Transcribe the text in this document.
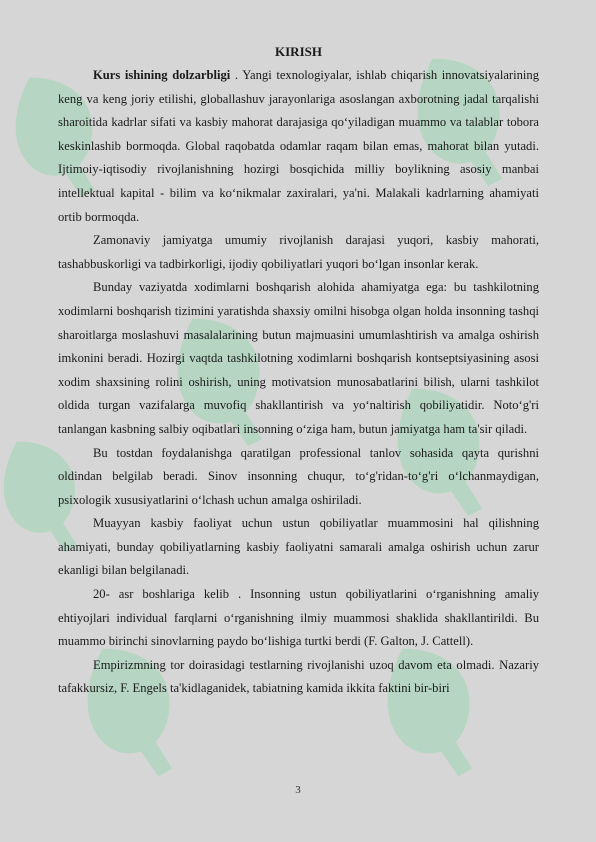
KIRISH

Kurs ishining dolzarbligi . Yangi texnologiyalar, ishlab chiqarish innovatsiyalarining keng va keng joriy etilishi, globallashuv jarayonlariga asoslangan axborotning jadal tarqalishi sharoitida kadrlar sifati va kasbiy mahorat darajasiga qo‘yiladigan muammo va talablar tobora keskinlashib bormoqda. Global raqobatda odamlar raqam bilan emas, mahorat bilan yutadi. Ijtimoiy-iqtisodiy rivojlanishning hozirgi bosqichida milliy boylikning asosiy manbai intellektual kapital - bilim va ko‘nikmalar zaxiralari, ya'ni. Malakali kadrlarning ahamiyati ortib bormoqda.

Zamonaviy jamiyatga umumiy rivojlanish darajasi yuqori, kasbiy mahorati, tashabbuskorligi va tadbirkorligi, ijodiy qobiliyatlari yuqori bo‘lgan insonlar kerak.

Bunday vaziyatda xodimlarni boshqarish alohida ahamiyatga ega: bu tashkilotning xodimlarni boshqarish tizimini yaratishda shaxsiy omilni hisobga olgan holda insonning tashqi sharoitlarga moslashuvi masalalarining butun majmuasini umumlashtirish va amalga oshirish imkonini beradi. Hozirgi vaqtda tashkilotning xodimlarni boshqarish kontseptsiyasining asosi xodim shaxsining rolini oshirish, uning motivatsion munosabatlarini bilish, ularni tashkilot oldida turgan vazifalarga muvofiq shakllantirish va yo‘naltirish qobiliyatidir. Noto‘g'ri tanlangan kasbning salbiy oqibatlari insonning o‘ziga ham, butun jamiyatga ham ta'sir qiladi.

Bu tostdan foydalanishga qaratilgan professional tanlov sohasida qayta qurishni oldindan belgilab beradi. Sinov insonning chuqur, to‘g'ridan-to‘g'ri o‘lchanmaydigan, psixologik xususiyatlarini o‘lchash uchun amalga oshiriladi.

Muayyan kasbiy faoliyat uchun ustun qobiliyatlar muammosini hal qilishning ahamiyati, bunday qobiliyatlarning kasbiy faoliyatni samarali amalga oshirish uchun zarur ekanligi bilan belgilanadi.

20- asr boshlariga kelib . Insonning ustun qobiliyatlarini o‘rganishning amaliy ehtiyojlari individual farqlarni o‘rganishning ilmiy muammosi shaklida shakllantirildi. Bu muammo birinchi sinovlarning paydo bo‘lishiga turtki berdi (F. Galton, J. Cattell).

Empirizmning tor doirasidagi testlarning rivojlanishi uzoq davom eta olmadi. Nazariy tafakkursiz, F. Engels ta'kidlaganidek, tabiatning kamida ikkita faktini bir-biri

3
